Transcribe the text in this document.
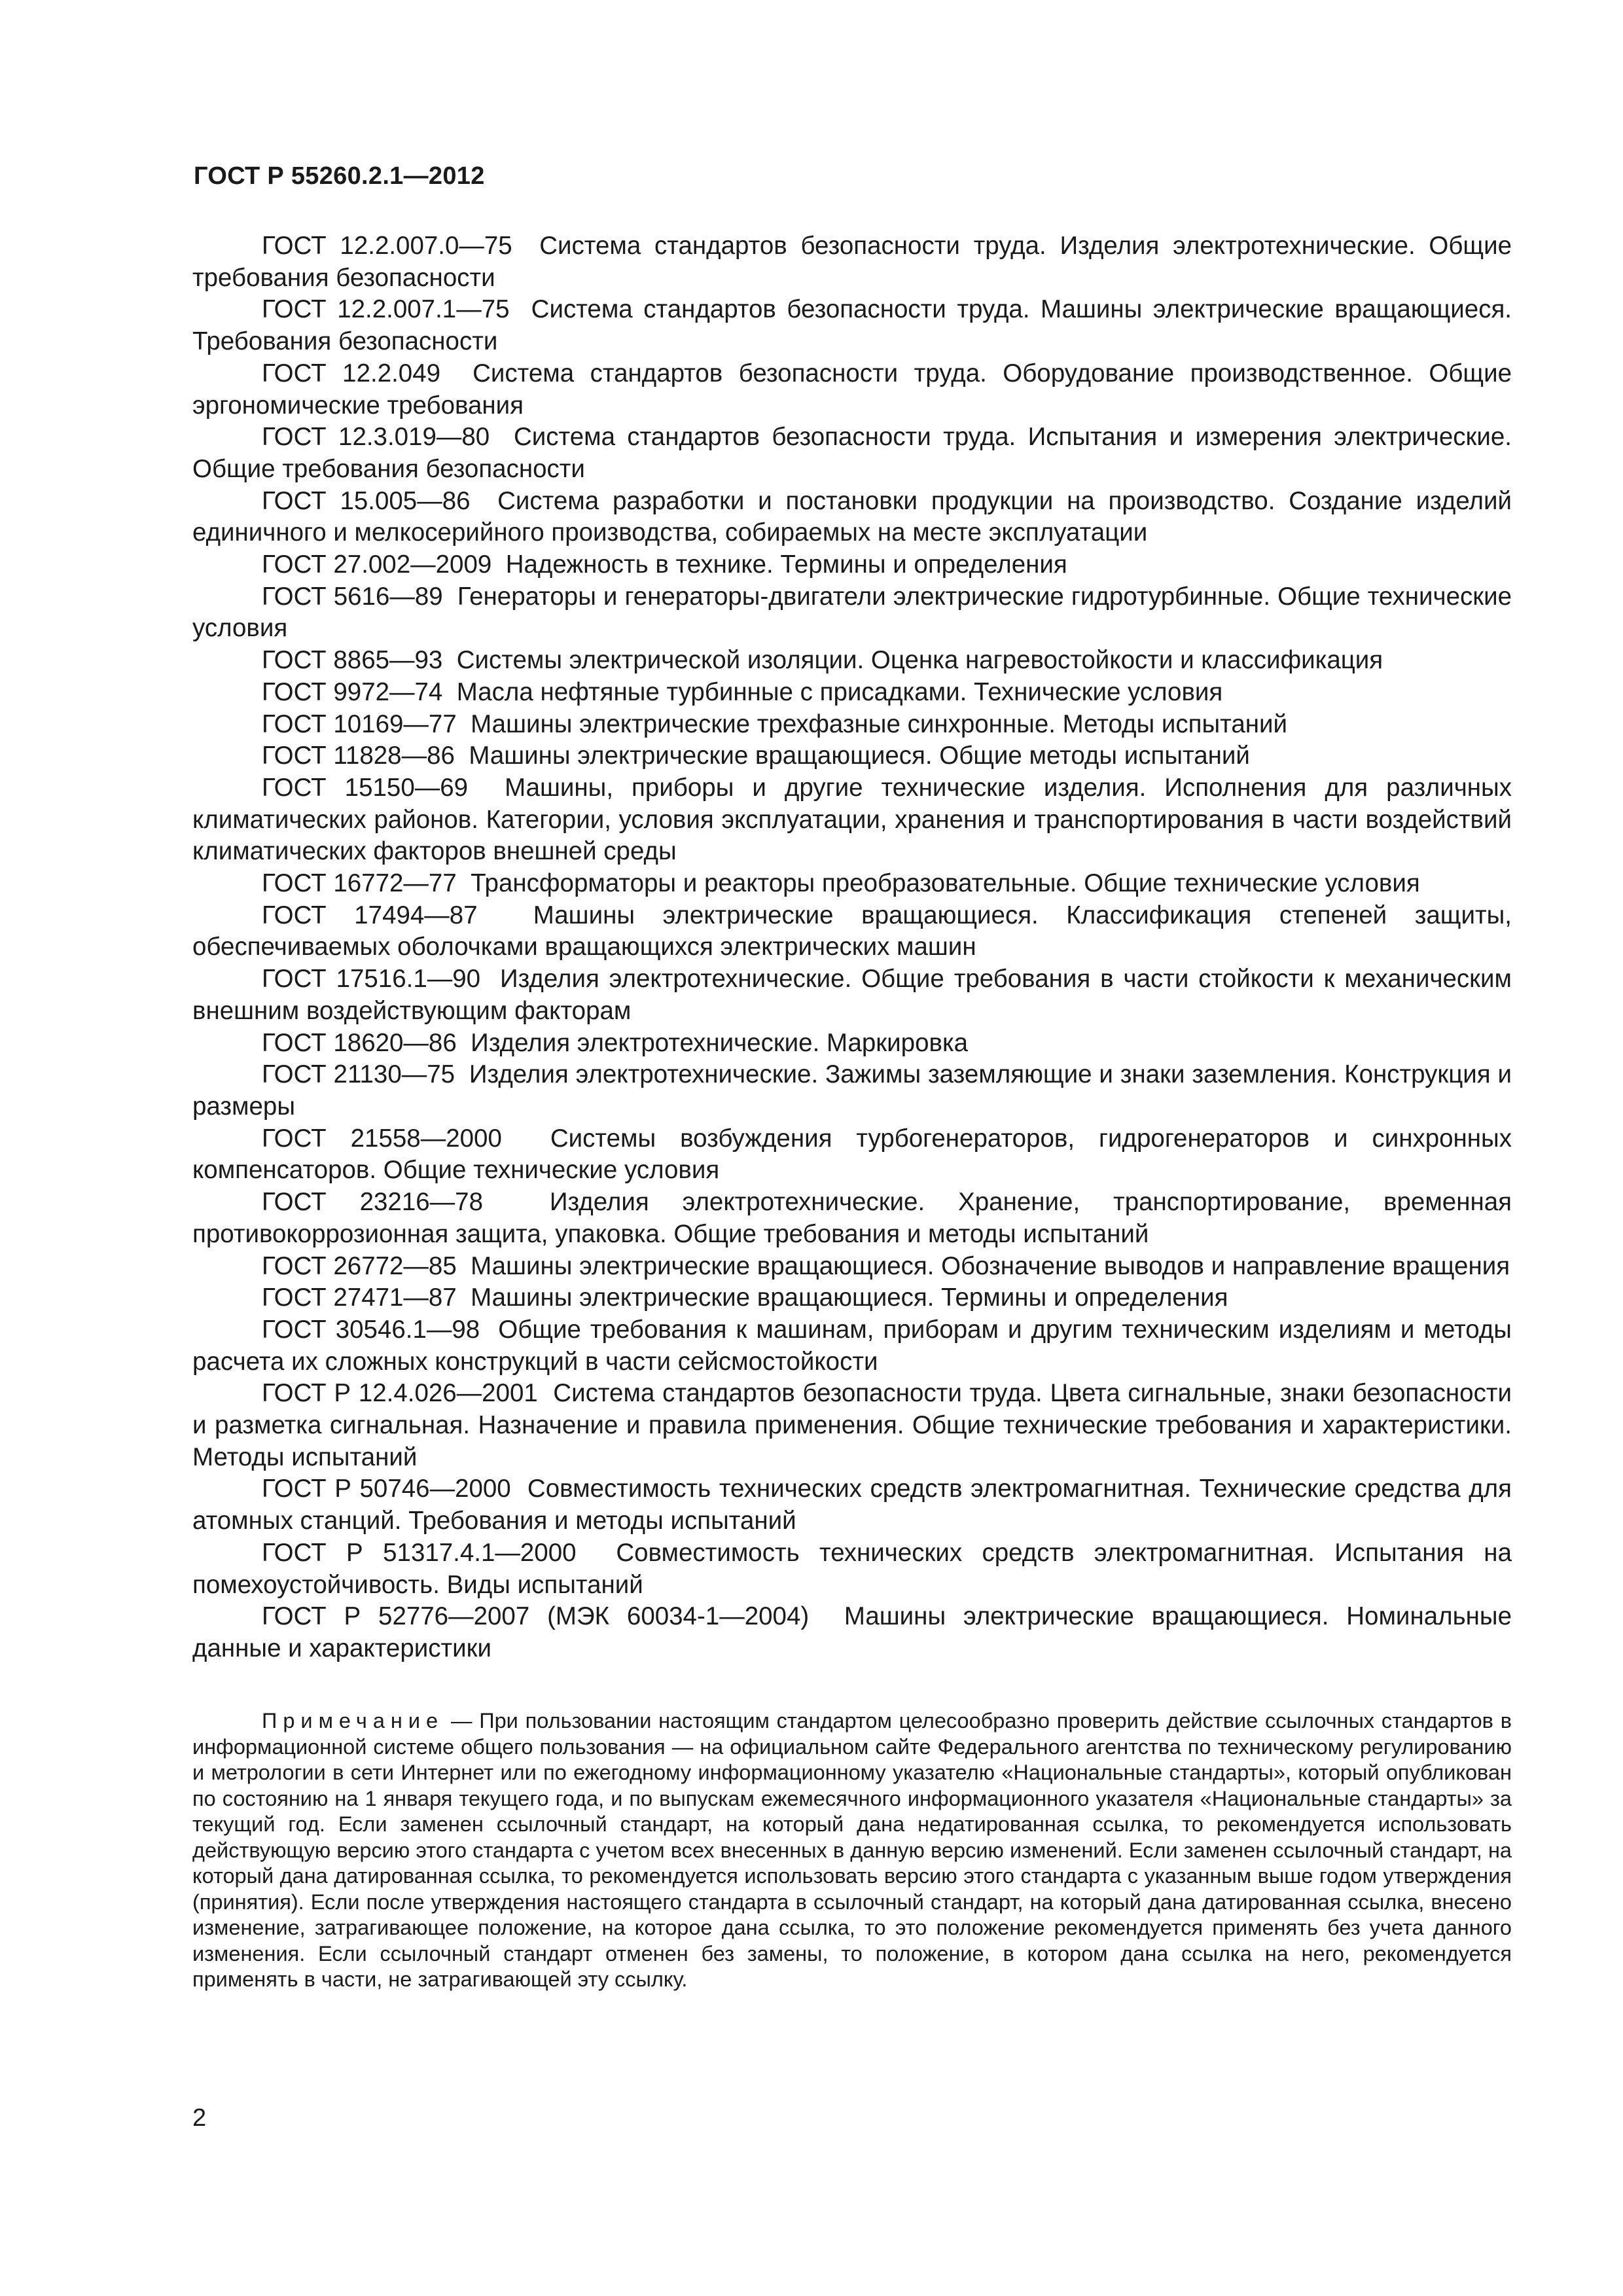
ГОСТ Р 55260.2.1—2012

ГОСТ 12.2.007.0—75 Система стандартов безопасности труда. Изделия электротехнические. Общие требования безопасности

ГОСТ 12.2.007.1—75 Система стандартов безопасности труда. Машины электрические вращающиеся. Требования безопасности

ГОСТ 12.2.049 Система стандартов безопасности труда. Оборудование производственное. Общие эргономические требования

ГОСТ 12.3.019—80 Система стандартов безопасности труда. Испытания и измерения электрические. Общие требования безопасности

ГОСТ 15.005—86 Система разработки и постановки продукции на производство. Создание изделий единичного и мелкосерийного производства, собираемых на месте эксплуатации

ГОСТ 27.002—2009 Надежность в технике. Термины и определения

ГОСТ 5616—89 Генераторы и генераторы-двигатели электрические гидротурбинные. Общие технические условия

ГОСТ 8865—93 Системы электрической изоляции. Оценка нагревостойкости и классификация

ГОСТ 9972—74 Масла нефтяные турбинные с присадками. Технические условия

ГОСТ 10169—77 Машины электрические трехфазные синхронные. Методы испытаний

ГОСТ 11828—86 Машины электрические вращающиеся. Общие методы испытаний

ГОСТ 15150—69 Машины, приборы и другие технические изделия. Исполнения для различных климатических районов. Категории, условия эксплуатации, хранения и транспортирования в части воздействий климатических факторов внешней среды

ГОСТ 16772—77 Трансформаторы и реакторы преобразовательные. Общие технические условия

ГОСТ 17494—87 Машины электрические вращающиеся. Классификация степеней защиты, обеспечиваемых оболочками вращающихся электрических машин

ГОСТ 17516.1—90 Изделия электротехнические. Общие требования в части стойкости к механическим внешним воздействующим факторам

ГОСТ 18620—86 Изделия электротехнические. Маркировка

ГОСТ 21130—75 Изделия электротехнические. Зажимы заземляющие и знаки заземления. Конструкция и размеры

ГОСТ 21558—2000 Системы возбуждения турбогенераторов, гидрогенераторов и синхронных компенсаторов. Общие технические условия

ГОСТ 23216—78	Изделия электротехнические. Хранение, транспортирование, временная противокоррозионная защита, упаковка. Общие требования и методы испытаний

ГОСТ 26772—85 Машины электрические вращающиеся. Обозначение выводов и направление вращения

ГОСТ 27471—87 Машины электрические вращающиеся. Термины и определения

ГОСТ 30546.1—98 Общие требования к машинам, приборам и другим техническим изделиям и методы расчета их сложных конструкций в части сейсмостойкости

ГОСТ Р 12.4.026—2001 Система стандартов безопасности труда. Цвета сигнальные, знаки безопасности и разметка сигнальная. Назначение и правила применения. Общие технические требования и характеристики. Методы испытаний

ГОСТ Р 50746—2000 Совместимость технических средств электромагнитная. Технические средства для атомных станций. Требования и методы испытаний

ГОСТ Р 51317.4.1—2000 Совместимость технических средств электромагнитная. Испытания на помехоустойчивость. Виды испытаний

ГОСТ Р 52776—2007 (МЭК 60034-1—2004) Машины электрические вращающиеся. Номинальные данные и характеристики

Примечание — При пользовании настоящим стандартом целесообразно проверить действие ссылочных стандартов в информационной системе общего пользования — на официальном сайте Федерального агентства по техническому регулированию и метрологии в сети Интернет или по ежегодному информационному указателю «Национальные стандарты», который опубликован по состоянию на 1 января текущего года, и по выпускам ежемесячного информационного указателя «Национальные стандарты» за текущий год. Если заменен ссылочный стандарт, на который дана недатированная ссылка, то рекомендуется использовать действующую версию этого стандарта с учетом всех внесенных в данную версию изменений. Если заменен ссылочный стандарт, на который дана датированная ссылка, то рекомендуется использовать версию этого стандарта с указанным выше годом утверждения (принятия). Если после утверждения настоящего стандарта в ссылочный стандарт, на который дана датированная ссылка, внесено изменение, затрагивающее положение, на которое дана ссылка, то это положение рекомендуется применять без учета данного изменения. Если ссылочный стандарт отменен без замены, то положение, в котором дана ссылка на него, рекомендуется применять в части, не затрагивающей эту ссылку.

2
